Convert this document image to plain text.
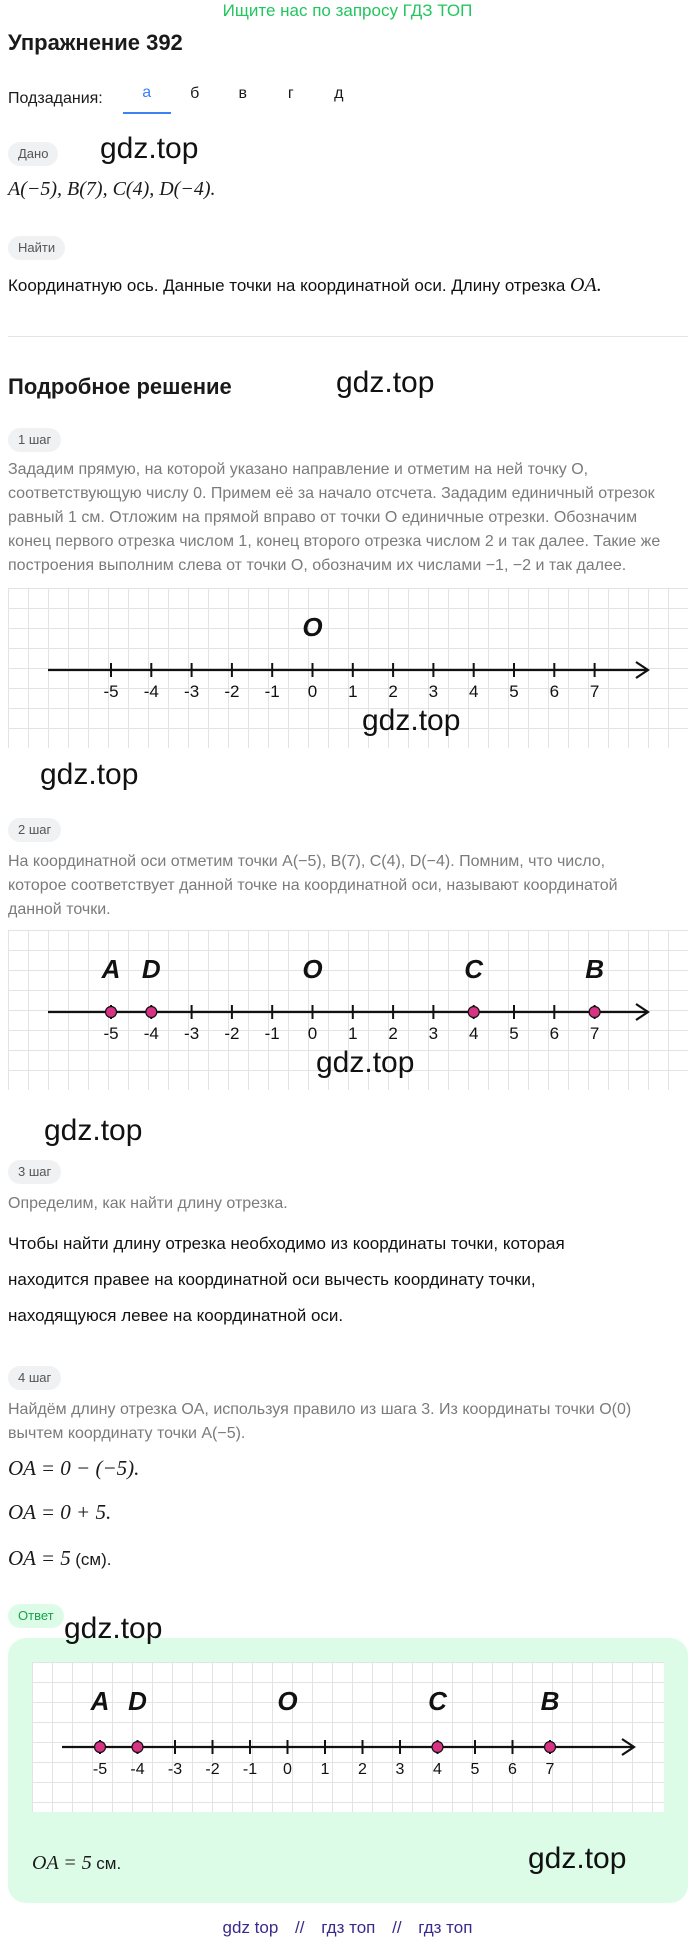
Ищите нас по запросу ГДЗ ТОП
Упражнение 392
Подзадания:	а	б	в	г	д
Дано	gdz.top
A(−5), B(7), C(4), D(−4).
Найти
Координатную ось. Данные точки на координатной оси. Длину отрезка OA.
Подробное решение	gdz.top
1 шаг
Зададим прямую, на которой указано направление и отметим на ней точку O,
соответствующую числу 0. Примем её за начало отсчета. Зададим единичный отрезок
равный 1 см. Отложим на прямой вправо от точки O единичные отрезки. Обозначим
конец первого отрезка числом 1, конец второго отрезка числом 2 и так далее. Такие же
построения выполним слева от точки O, обозначим их числами −1, −2 и так далее.
-5 -4 -3 -2 -1 0 1 2 3 4 5 6 7
O
gdz.top
gdz.top
2 шаг
На координатной оси отметим точки A(−5), B(7), C(4), D(−4). Помним, что число,
которое соответствует данной точке на координатной оси, называют координатой
данной точки.
-5 -4 -3 -2 -1 0 1 2 3 4 5 6 7
O
A D	C	B
gdz.top
gdz.top
3 шаг
Определим, как найти длину отрезка.
Чтобы найти длину отрезка необходимо из координаты точки, которая
находится правее на координатной оси вычесть координату точки,
находящуюся левее на координатной оси.
4 шаг
Найдём длину отрезка OA, используя правило из шага 3. Из координаты точки O(0)
вычтем координату точки A(−5).
OA = 0 − (−5).
OA = 0 + 5.
OA = 5 (см).
Ответ gdz.top
-5 -4 -3 -2 -1 0 1 2 3 4 5 6 7
O
A D	C	B
gdz.top
OA = 5 см.
gdz top // гдз топ // гдз топ
